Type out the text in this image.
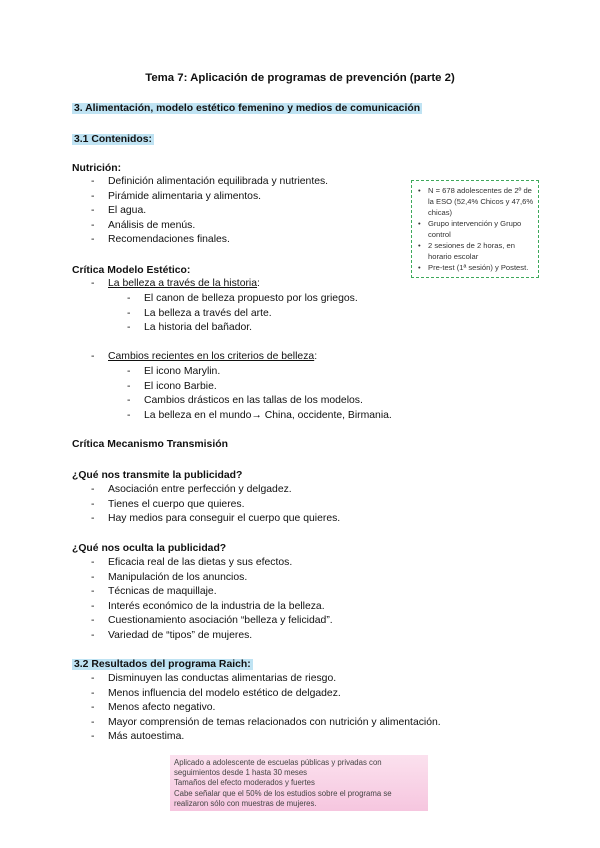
Tema 7: Aplicación de programas de prevención (parte 2)
3. Alimentación, modelo estético femenino y medios de comunicación
3.1 Contenidos:
Nutrición:
- Definición alimentación equilibrada y nutrientes.
- Pirámide alimentaria y alimentos.
- El agua.
- Análisis de menús.
- Recomendaciones finales.
• N = 678 adolescentes de 2º de la ESO (52,4% Chicos y 47,6% chicas)
• Grupo intervención y Grupo control
• 2 sesiones de 2 horas, en horario escolar
• Pre-test (1ª sesión) y Postest.
Crítica Modelo Estético:
- La belleza a través de la historia:
- El canon de belleza propuesto por los griegos.
- La belleza a través del arte.
- La historia del bañador.
- Cambios recientes en los criterios de belleza:
- El icono Marylin.
- El icono Barbie.
- Cambios drásticos en las tallas de los modelos.
- La belleza en el mundo→ China, occidente, Birmania.
Crítica Mecanismo Transmisión
¿Qué nos transmite la publicidad?
- Asociación entre perfección y delgadez.
- Tienes el cuerpo que quieres.
- Hay medios para conseguir el cuerpo que quieres.
¿Qué nos oculta la publicidad?
- Eficacia real de las dietas y sus efectos.
- Manipulación de los anuncios.
- Técnicas de maquillaje.
- Interés económico de la industria de la belleza.
- Cuestionamiento asociación “belleza y felicidad”.
- Variedad de “tipos” de mujeres.
3.2 Resultados del programa Raich:
- Disminuyen las conductas alimentarias de riesgo.
- Menos influencia del modelo estético de delgadez.
- Menos afecto negativo.
- Mayor comprensión de temas relacionados con nutrición y alimentación.
- Más autoestima.
Aplicado a adolescente de escuelas públicas y privadas con seguimientos desde 1 hasta 30 meses
Tamaños del efecto moderados y fuertes
Cabe señalar que el 50% de los estudios sobre el programa se realizaron sólo con muestras de mujeres.
